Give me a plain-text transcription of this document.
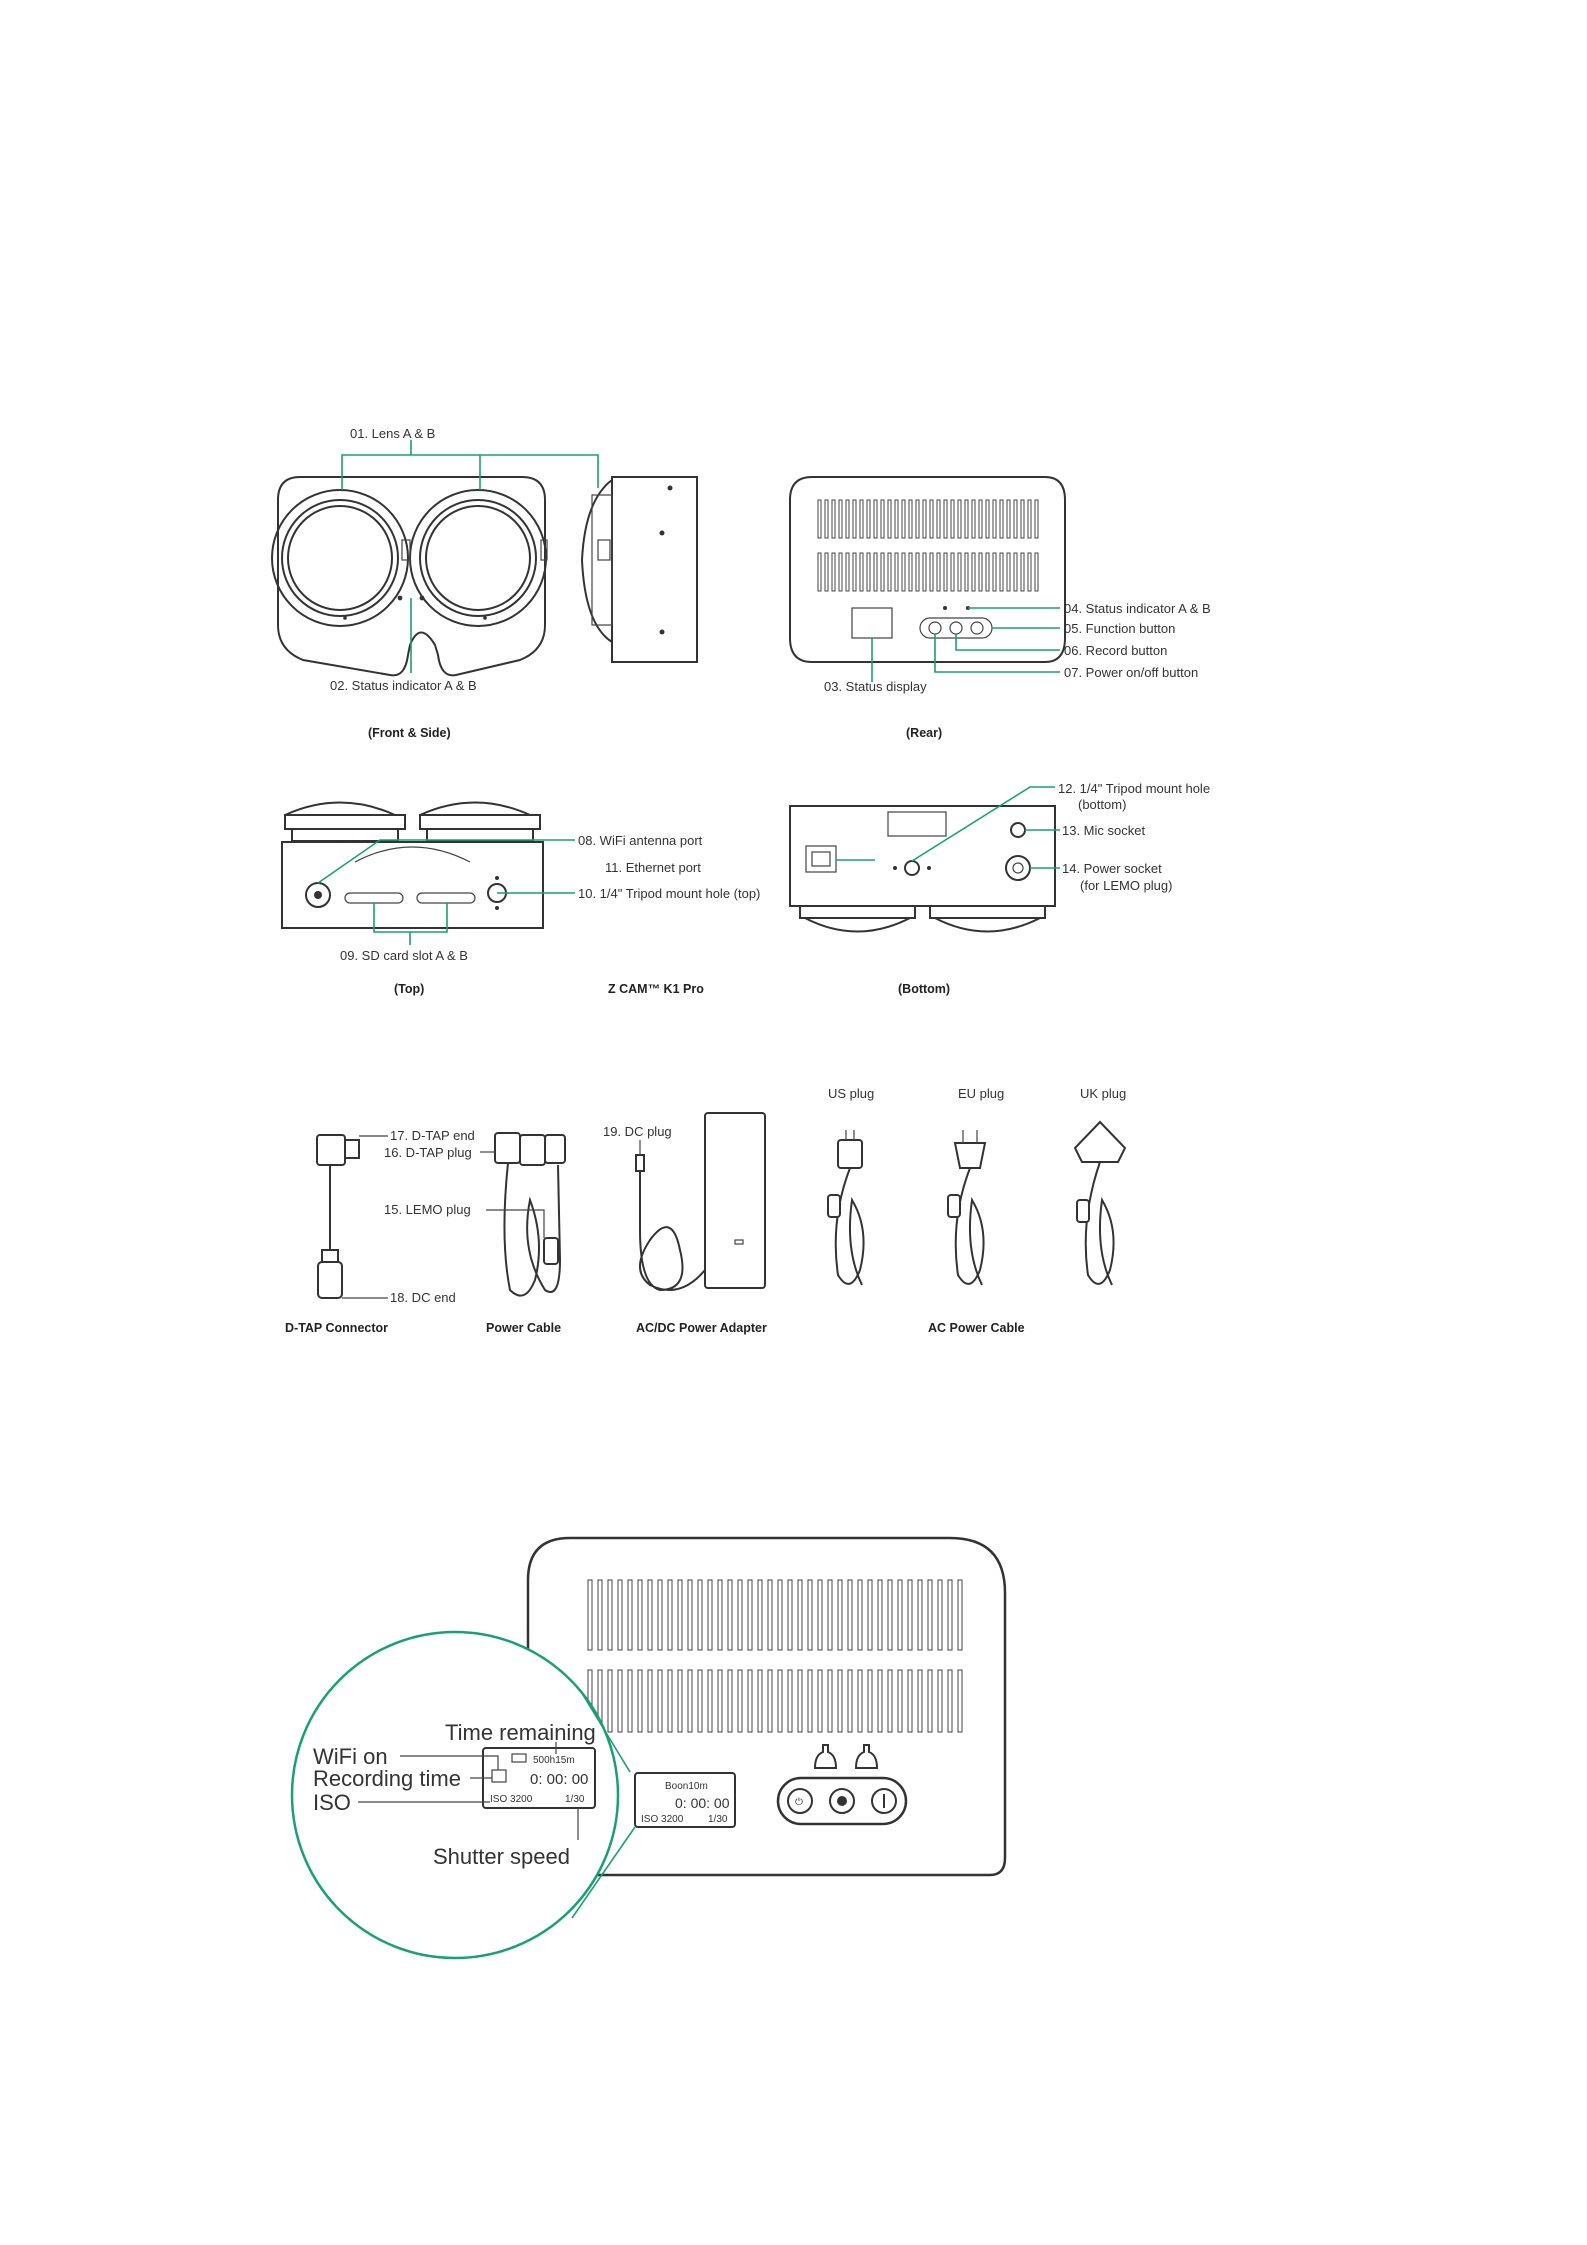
01. Lens A & B
02. Status indicator A & B
(Front & Side)
04. Status indicator A & B
05. Function button
06. Record button
07. Power on/off button
03. Status display
(Rear)
08. WiFi antenna port
10. 1/4" Tripod mount hole (top)
09. SD card slot A & B
(Top)	Z CAM™ K1 Pro
12. 1/4" Tripod mount hole
(bottom)
13. Mic socket
14. Power socket
(for LEMO plug)
11. Ethernet port
(Bottom)
17. D-TAP end
18. DC end
16. D-TAP plug
15. LEMO plug
19. DC plug
US plug	EU plug	UK plug
D-TAP Connector	Power Cable	AC/DC Power Adapter	AC Power Cable
⏻
Boon10m
0: 00: 00
ISO 3200 1/30
500h15m
0: 00: 00
ISO 3200	1/30
Time remaining
WiFi on
Recording time
ISO
Shutter speed
